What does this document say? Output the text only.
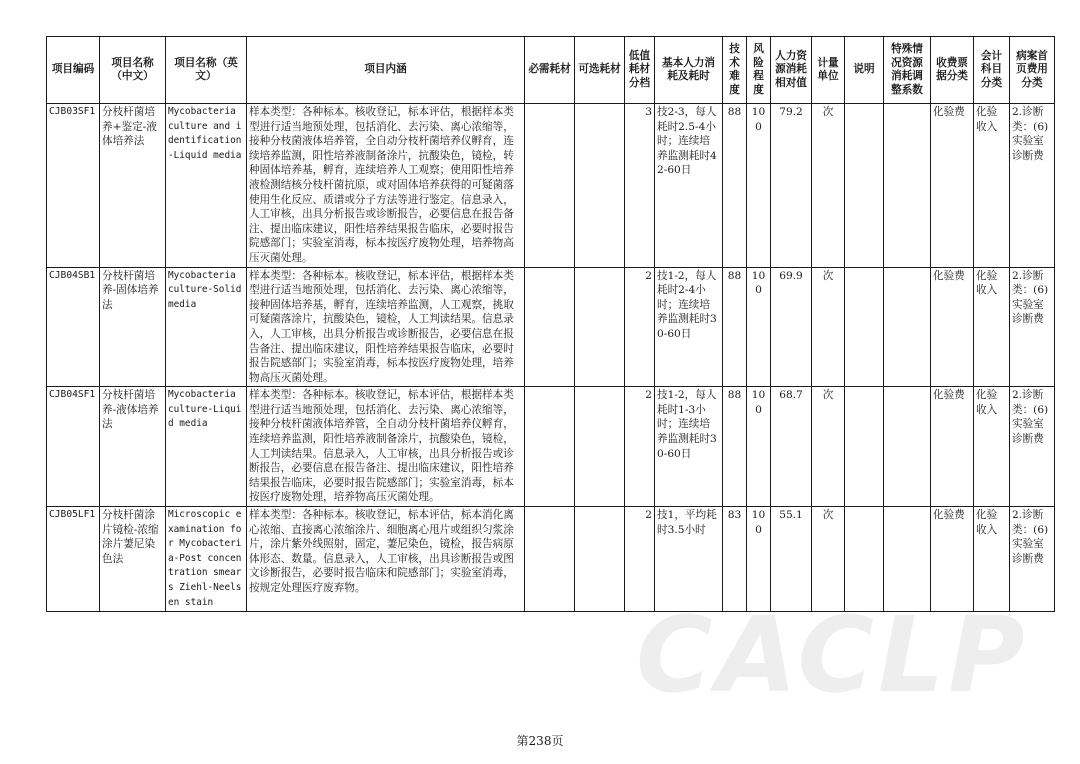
CACLP
项目编码	项目名称（中文）	项目名称（英文）	项目内涵	必需耗材	可选耗材	低值耗材分档	基本人力消耗及耗时	技术难度	风险程度	人力资源消耗相对值	计量单位	说明	特殊情况资源消耗调整系数	收费票据分类	会计科目分类	病案首页费用分类
CJB03SF1	分枝杆菌培养+鉴定-液体培养法	Mycobacteria culture and identification-Liquid media	样本类型：各种标本。核收登记，标本评估，根据样本类型进行适当地预处理，包括消化、去污染、离心浓缩等，接种分枝菌液体培养管，全自动分枝杆菌培养仪孵育，连续培养监测，阳性培养液制备涂片，抗酸染色，镜检，转种固体培养基，孵育，连续培养人工观察；使用阳性培养液检测结核分枝杆菌抗原，或对固体培养获得的可疑菌落使用生化反应、质谱或分子方法等进行鉴定。信息录入，人工审核，出具分析报告或诊断报告，必要信息在报告备注、提出临床建议，阳性培养结果报告临床，必要时报告院感部门；实验室消毒，标本按医疗废物处理，培养物高压灭菌处理。			3	技2-3，每人耗时2.5-4小时；连续培养监测耗时42-60日	88	100	79.2	次			化验费	化验收入	2.诊断类：(6)实验室诊断费
CJB04SB1	分枝杆菌培养-固体培养法	Mycobacteria culture-Solid media	样本类型：各种标本。核收登记，标本评估，根据样本类型进行适当地预处理，包括消化、去污染、离心浓缩等，接种固体培养基，孵育，连续培养监测，人工观察，挑取可疑菌落涂片，抗酸染色，镜检，人工判读结果。信息录入，人工审核，出具分析报告或诊断报告，必要信息在报告备注、提出临床建议，阳性培养结果报告临床，必要时报告院感部门；实验室消毒，标本按医疗废物处理，培养物高压灭菌处理。			2	技1-2，每人耗时2-4小时；连续培养监测耗时30-60日	88	100	69.9	次			化验费	化验收入	2.诊断类：(6)实验室诊断费
CJB04SF1	分枝杆菌培养-液体培养法	Mycobacteria culture-Liquid media	样本类型：各种标本。核收登记，标本评估，根据样本类型进行适当地预处理，包括消化、去污染、离心浓缩等，接种分枝杆菌液体培养管，全自动分枝杆菌培养仪孵育，连续培养监测，阳性培养液制备涂片，抗酸染色，镜检，人工判读结果。信息录入，人工审核，出具分析报告或诊断报告，必要信息在报告备注、提出临床建议，阳性培养结果报告临床，必要时报告院感部门；实验室消毒，标本按医疗废物处理，培养物高压灭菌处理。			2	技1-2，每人耗时1-3小时；连续培养监测耗时30-60日	88	100	68.7	次			化验费	化验收入	2.诊断类：(6)实验室诊断费
CJB05LF1	分枝杆菌涂片镜检-浓缩涂片萋尼染色法	Microscopic examination for Mycobacteria-Post concentration smears Ziehl-Neelsen stain	样本类型：各种标本。核收登记，标本评估，标本消化离心浓缩、直接离心浓缩涂片、细胞离心甩片或组织匀浆涂片，涂片紫外线照射，固定，萋尼染色，镜检，报告病原体形态、数量。信息录入，人工审核，出具诊断报告或图文诊断报告，必要时报告临床和院感部门；实验室消毒，按规定处理医疗废弃物。			2	技1，平均耗时3.5小时	83	100	55.1	次			化验费	化验收入	2.诊断类：(6)实验室诊断费
第238页
